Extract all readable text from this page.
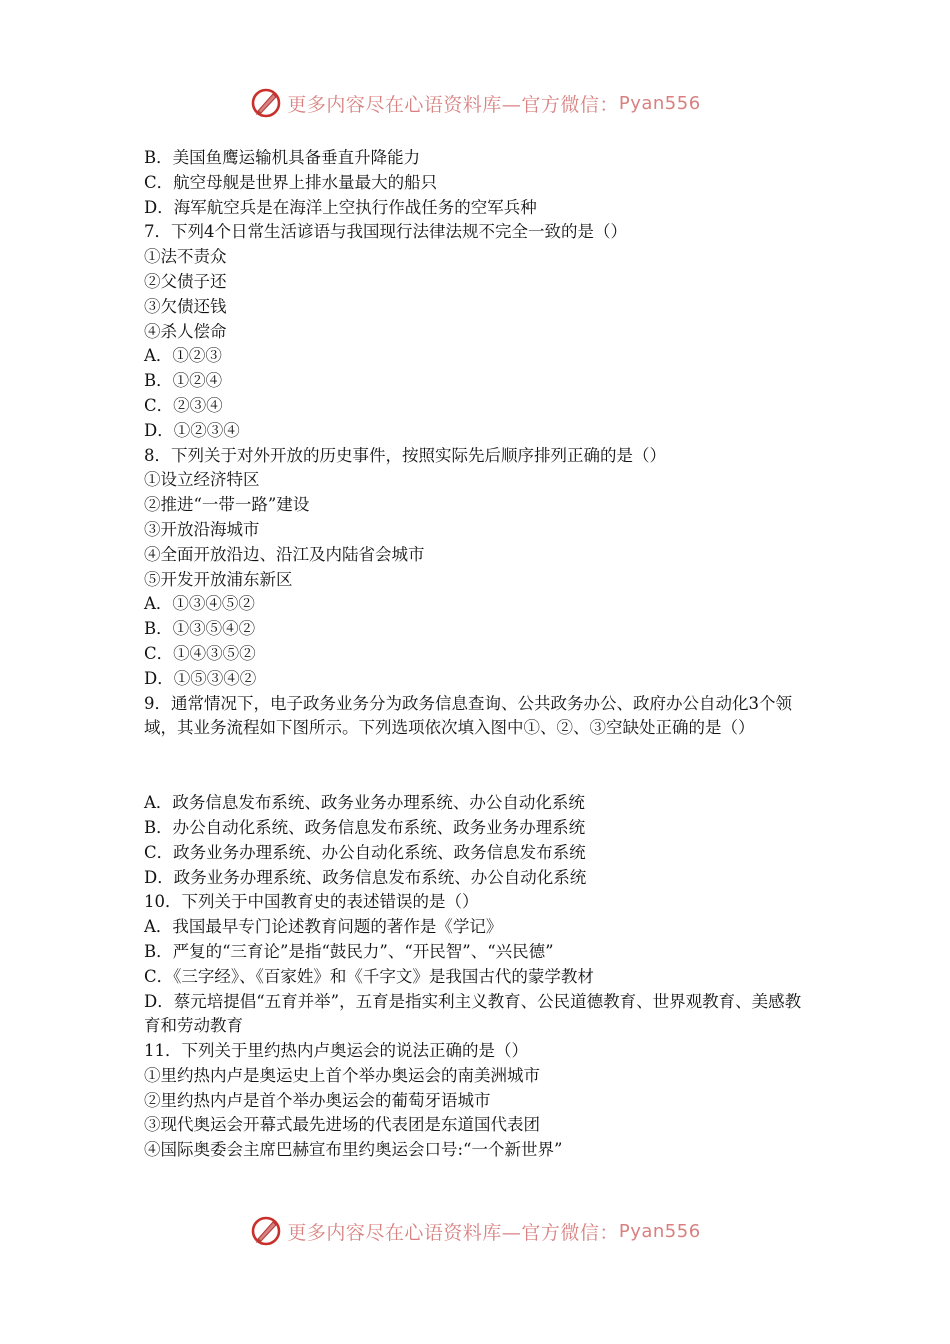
更多内容尽在心语资料库—官方微信： Pyan556

B．美国鱼鹰运输机具备垂直升降能力

C．航空母舰是世界上排水量最大的船只

D．海军航空兵是在海洋上空执行作战任务的空军兵种

7．下列4个日常生活谚语与我国现行法律法规不完全一致的是（）

①法不责众

②父债子还

③欠债还钱

④杀人偿命

A．①②③

B．①②④

C．②③④

D．①②③④

8．下列关于对外开放的历史事件，按照实际先后顺序排列正确的是（）

①设立经济特区

②推进“一带一路”建设

③开放沿海城市

④全面开放沿边、沿江及内陆省会城市

⑤开发开放浦东新区

A．①③④⑤②

B．①③⑤④②

C．①④③⑤②

D．①⑤③④②

9．通常情况下，电子政务业务分为政务信息查询、公共政务办公、政府办公自动化3个领域，其业务流程如下图所示。下列选项依次填入图中①、②、③空缺处正确的是（）

A．政务信息发布系统、政务业务办理系统、办公自动化系统

B．办公自动化系统、政务信息发布系统、政务业务办理系统

C．政务业务办理系统、办公自动化系统、政务信息发布系统

D．政务业务办理系统、政务信息发布系统、办公自动化系统

10．下列关于中国教育史的表述错误的是（）

A．我国最早专门论述教育问题的著作是《学记》

B．严复的“三育论”是指“鼓民力”、“开民智”、“兴民德”

C．《三字经》、《百家姓》和《千字文》是我国古代的蒙学教材

D．蔡元培提倡“五育并举”，五育是指实利主义教育、公民道德教育、世界观教育、美感教育和劳动教育

11．下列关于里约热内卢奥运会的说法正确的是（）

①里约热内卢是奥运史上首个举办奥运会的南美洲城市

②里约热内卢是首个举办奥运会的葡萄牙语城市

③现代奥运会开幕式最先进场的代表团是东道国代表团

④国际奥委会主席巴赫宣布里约奥运会口号:“一个新世界”

更多内容尽在心语资料库—官方微信： Pyan556
